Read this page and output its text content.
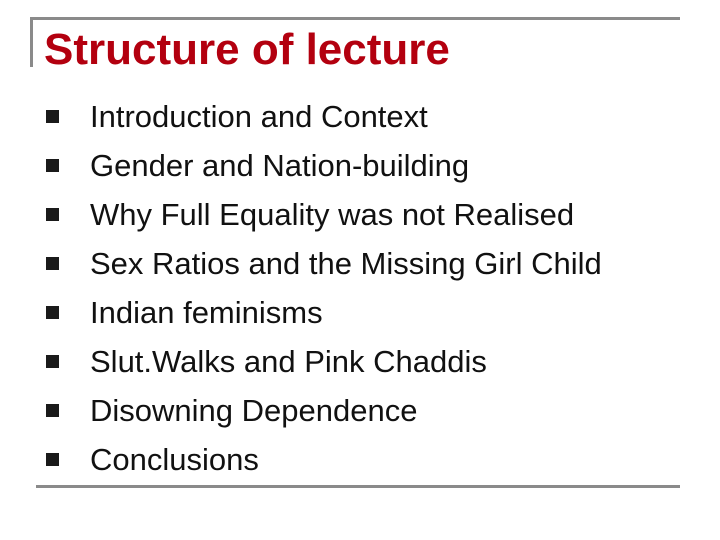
Structure of lecture
Introduction and Context
Gender and Nation-building
Why Full Equality was not Realised
Sex Ratios and the Missing Girl Child
Indian feminisms
Slut.Walks and Pink Chaddis
Disowning Dependence
Conclusions
